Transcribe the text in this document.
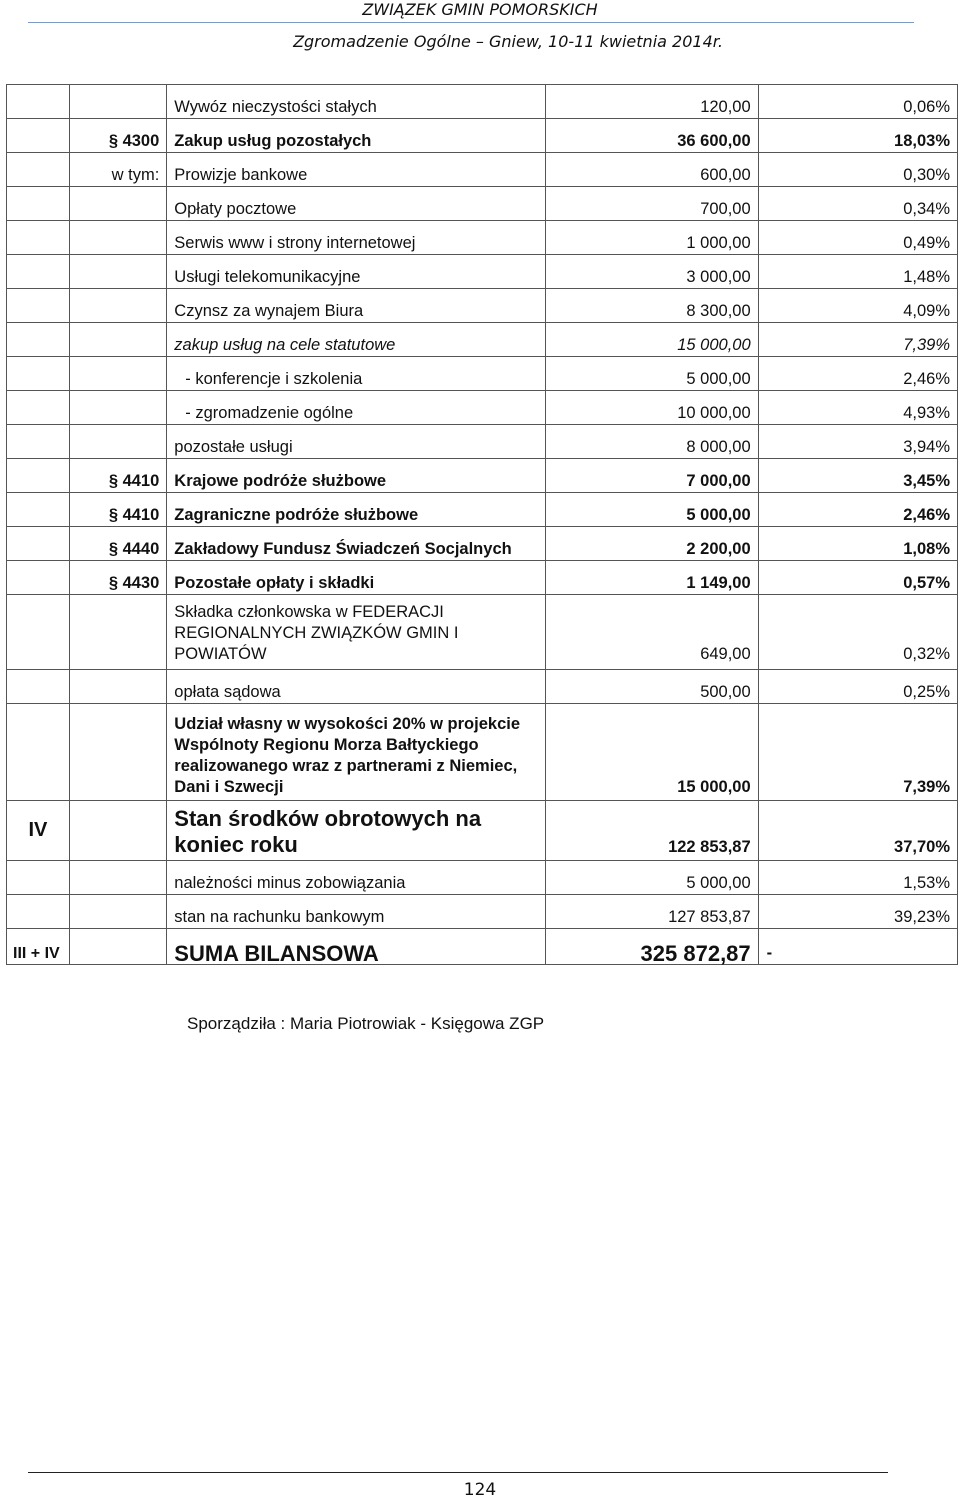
ZWIĄZEK GMIN POMORSKICH
Zgromadzenie Ogólne – Gniew, 10-11 kwietnia 2014r.
		Wywóz nieczystości stałych	120,00	0,06%
	§ 4300	Zakup usług pozostałych	36 600,00	18,03%
	w tym:	Prowizje bankowe	600,00	0,30%
		Opłaty pocztowe	700,00	0,34%
		Serwis www i strony internetowej	1 000,00	0,49%
		Usługi telekomunikacyjne	3 000,00	1,48%
		Czynsz za wynajem Biura	8 300,00	4,09%
		zakup usług na cele statutowe	15 000,00	7,39%
		- konferencje i szkolenia	5 000,00	2,46%
		- zgromadzenie ogólne	10 000,00	4,93%
		pozostałe usługi	8 000,00	3,94%
	§ 4410	Krajowe podróże służbowe	7 000,00	3,45%
	§ 4410	Zagraniczne podróże służbowe	5 000,00	2,46%
	§ 4440	Zakładowy Fundusz Świadczeń Socjalnych	2 200,00	1,08%
	§ 4430	Pozostałe opłaty i składki	1 149,00	0,57%
		Składka członkowska w FEDERACJI REGIONALNYCH ZWIĄZKÓW GMIN I POWIATÓW	649,00	0,32%
		opłata sądowa	500,00	0,25%
		Udział własny w wysokości 20% w projekcie Wspólnoty Regionu Morza Bałtyckiego realizowanego wraz z partnerami z Niemiec, Dani i Szwecji	15 000,00	7,39%
IV		Stan środków obrotowych na koniec roku	122 853,87	37,70%
		należności minus zobowiązania	5 000,00	1,53%
		stan na rachunku bankowym	127 853,87	39,23%
III + IV		SUMA BILANSOWA	325 872,87	-
Sporządziła : Maria Piotrowiak - Księgowa ZGP
124
